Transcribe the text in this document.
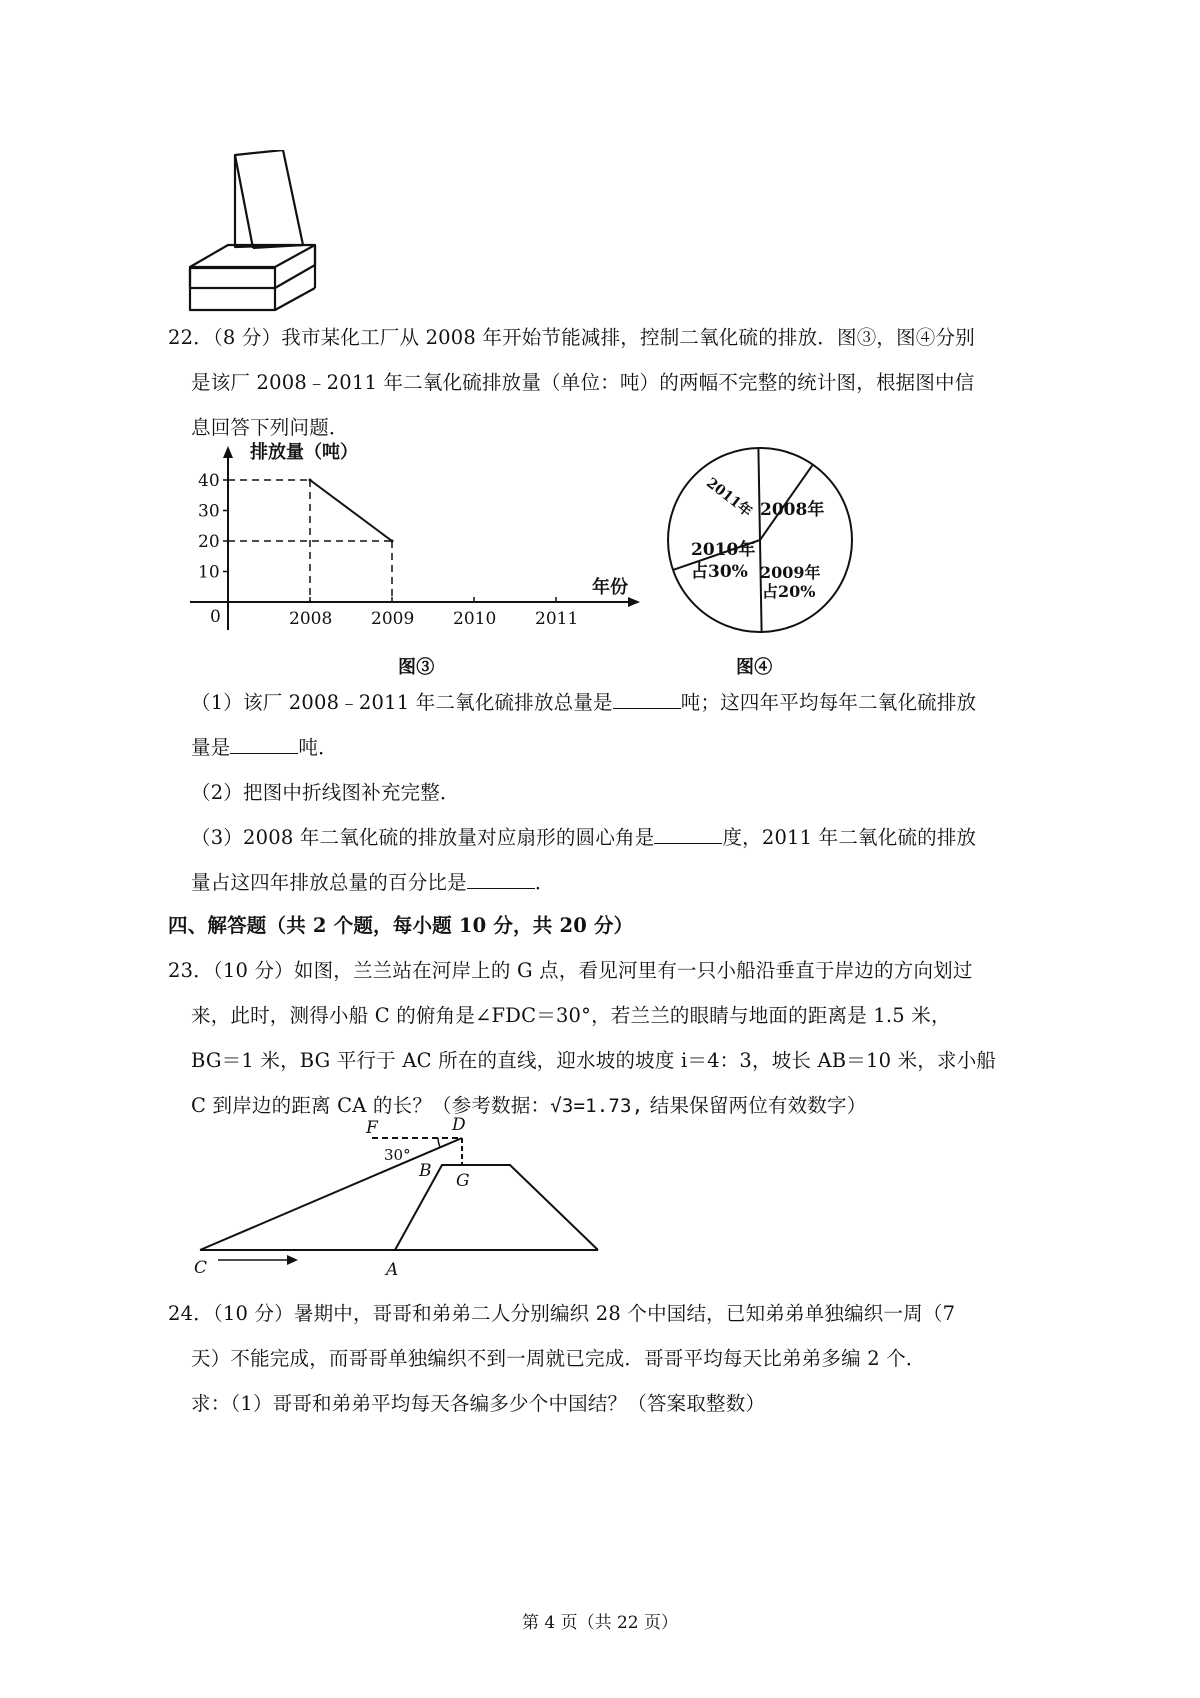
22．（8 分）我市某化工厂从 2008 年开始节能减排，控制二氧化硫的排放．图③，图④分别
是该厂 2008﹣2011 年二氧化硫排放量（单位：吨）的两幅不完整的统计图，根据图中信
息回答下列问题．
10
20
30
40
2008 2009 2010 2011
排放量（吨）
年份
0
图③
2008年
2009年
占20%
2010年
占30%
2011年
图④
（1）该厂 2008﹣2011 年二氧化硫排放总量是	吨；这四年平均每年二氧化硫排放
量是	吨．
（2）把图中折线图补充完整．
（3）2008 年二氧化硫的排放量对应扇形的圆心角是	度，2011 年二氧化硫的排放
量占这四年排放总量的百分比是	．
四、解答题（共 2 个题，每小题 10 分，共 20 分）
23．（10 分）如图，兰兰站在河岸上的 G 点，看见河里有一只小船沿垂直于岸边的方向划过
来，此时，测得小船 C 的俯角是∠FDC＝30°，若兰兰的眼睛与地面的距离是 1.5 米，
BG＝1 米，BG 平行于 AC 所在的直线，迎水坡的坡度 i＝4：3，坡长 AB＝10 米，求小船
C 到岸边的距离 CA 的长？（参考数据：√3=1.73, 结果保留两位有效数字）
F	D
30°
B G
C	A
24．（10 分）暑期中，哥哥和弟弟二人分别编织 28 个中国结，已知弟弟单独编织一周（7
天）不能完成，而哥哥单独编织不到一周就已完成．哥哥平均每天比弟弟多编 2 个．
求：（1）哥哥和弟弟平均每天各编多少个中国结？（答案取整数）
第 4 页（共 22 页）
